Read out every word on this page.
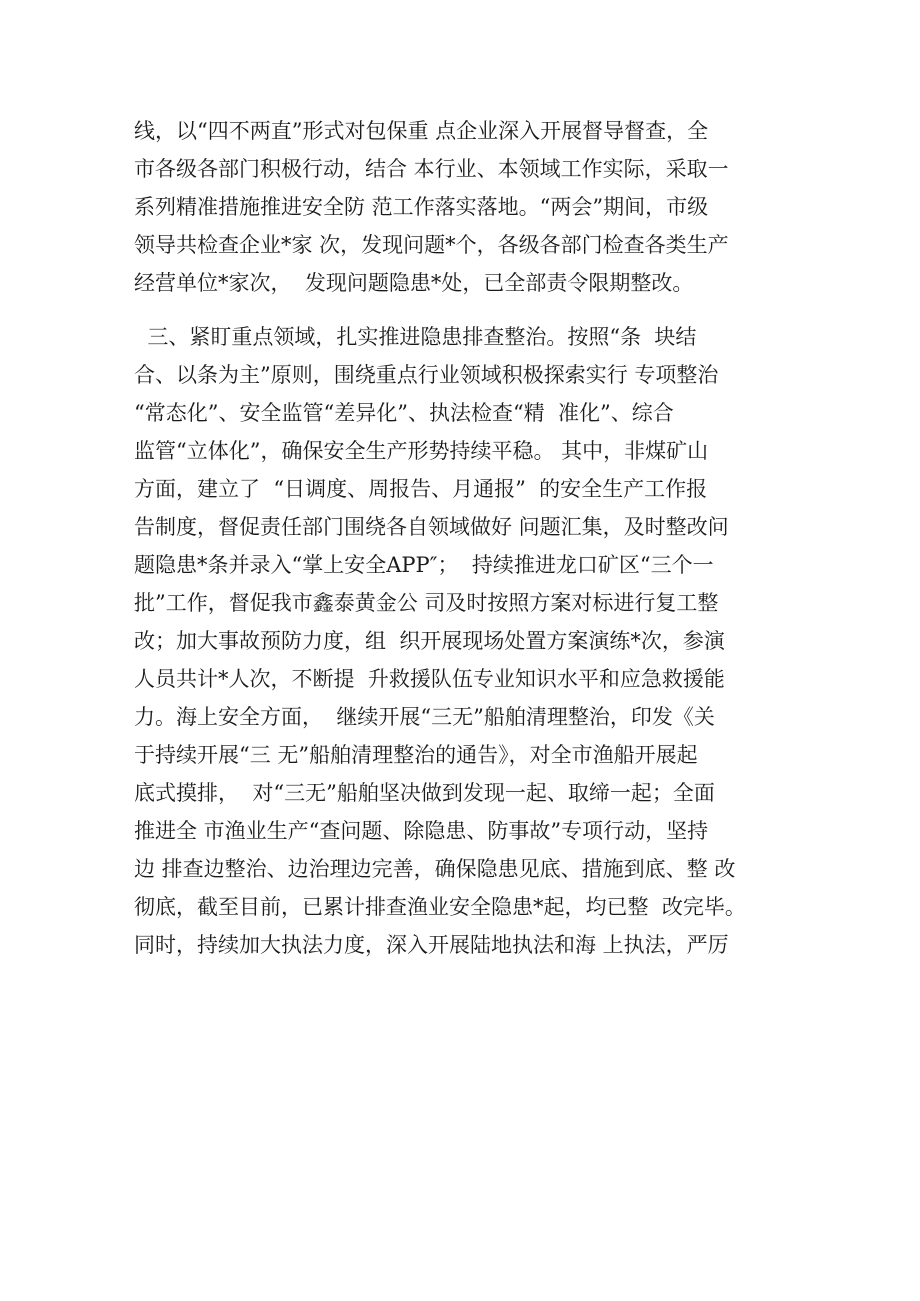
线，以“四不两直”形式对包保重 点企业深入开展督导督查，全
市各级各部门积极行动，结合 本行业、本领域工作实际，采取一
系列精准措施推进安全防 范工作落实落地。“两会”期间，市级
领导共检查企业*家 次，发现问题*个，各级各部门检查各类生产
经营单位*家次，  发现问题隐患*处，已全部责令限期整改。
三、紧盯重点领域，扎实推进隐患排查整治。按照“条  块结
合、以条为主”原则，围绕重点行业领域积极探索实行 专项整治
“常态化”、安全监管“差异化”、执法检查“精  准化”、综合
监管“立体化”，确保安全生产形势持续平稳。 其中，非煤矿山
方面，建立了  “日调度、周报告、月通报”  的安全生产工作报
告制度，督促责任部门围绕各自领域做好 问题汇集，及时整改问
题隐患*条并录入“掌上安全APP″；  持续推进龙口矿区“三个一
批”工作，督促我市鑫泰黄金公 司及时按照方案对标进行复工整
改；加大事故预防力度，组  织开展现场处置方案演练*次，参演
人员共计*人次，不断提  升救援队伍专业知识水平和应急救援能
力。海上安全方面，  继续开展“三无”船舶清理整治，印发《关
于持续开展“三 无”船舶清理整治的通告》，对全市渔船开展起
底式摸排，  对“三无”船舶坚决做到发现一起、取缔一起；全面
推进全 市渔业生产“查问题、除隐患、防事故”专项行动，坚持
边 排查边整治、边治理边完善，确保隐患见底、措施到底、整 改
彻底，截至目前，已累计排查渔业安全隐患*起，均已整  改完毕。
同时，持续加大执法力度，深入开展陆地执法和海 上执法，严厉
